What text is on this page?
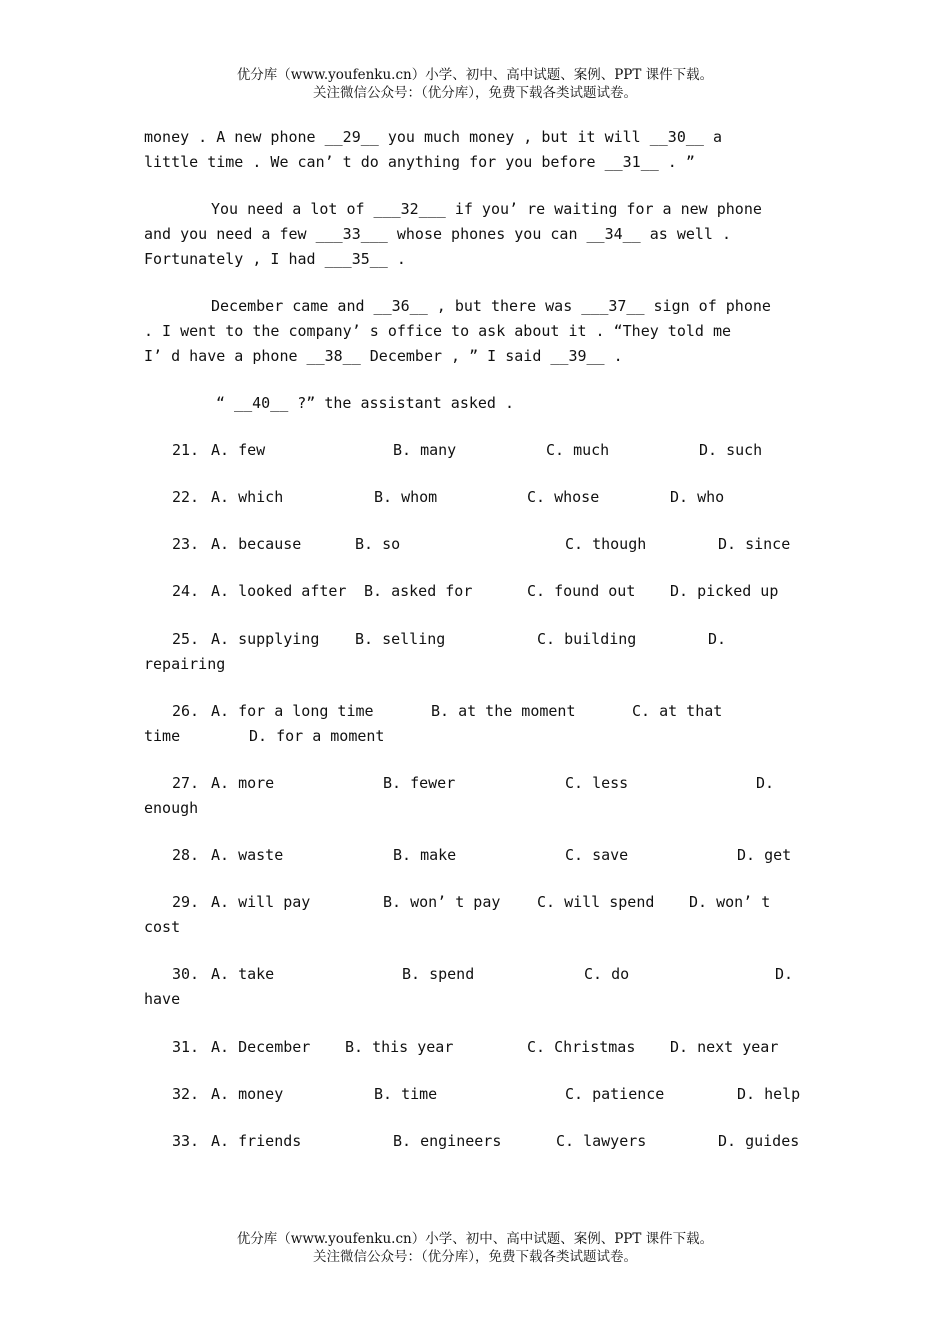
优分库（www.youfenku.cn）小学、初中、高中试题、案例、PPT 课件下载。
关注微信公众号：（优分库），免费下载各类试题试卷。
money . A new phone __29__ you much money , but it will __30__ a
little time . We can’ t do anything for you before __31__ . ”
You need a lot of ___32___ if you’ re waiting for a new phone
and you need a few ___33___ whose phones you can __34__ as well .
Fortunately , I had ___35__ .
December came and __36__ , but there was ___37__ sign of phone
. I went to the company’ s office to ask about it . “They told me
I’ d have a phone __38__ December , ” I said __39__ .
“ __40__ ?” the assistant asked .
21. A. few	B. many	C. much	D. such
22. A. which	B. whom	C. whose	D. who
23. A. because	B. so	C. though	D. since
24. A. looked after B. asked for	C. found out D. picked up
25. A. supplying B. selling	C. building	D.
repairing
26. A. for a long time	B. at the moment	C. at that
time	D. for a moment
27. A. more	B. fewer	C. less	D.
enough
28. A. waste	B. make	C. save	D. get
29. A. will pay	B. won’ t pay C. will spend D. won’ t
cost
30. A. take	B. spend	C. do	D.
have
31. A. December B. this year	C. Christmas D. next year
32. A. money	B. time	C. patience	D. help
33. A. friends	B. engineers	C. lawyers	D. guides
优分库（www.youfenku.cn）小学、初中、高中试题、案例、PPT 课件下载。
关注微信公众号：（优分库），免费下载各类试题试卷。
